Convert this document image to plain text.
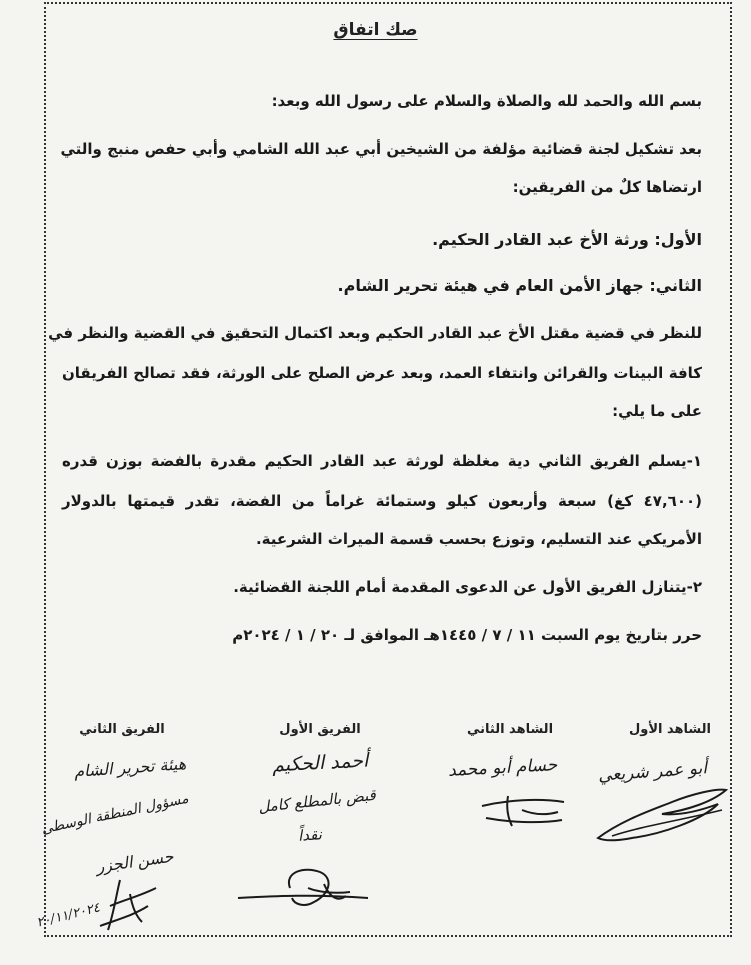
صك اتفاق
بسم الله والحمد لله والصلاة والسلام على رسول الله وبعد:
بعد تشكيل لجنة قضائية مؤلفة من الشيخين أبي عبد الله الشامي وأبي حفص منبج والتي
ارتضاها كلٌ من الفريقين:
الأول: ورثة الأخ عبد القادر الحكيم.
الثاني: جهاز الأمن العام في هيئة تحرير الشام.
للنظر في قضية مقتل الأخ عبد القادر الحكيم وبعد اكتمال التحقيق في القضية والنظر في
كافة البينات والقرائن وانتفاء العمد، وبعد عرض الصلح على الورثة، فقد تصالح الفريقان
على ما يلي:
١-يسلم الفريق الثاني دية مغلظة لورثة عبد القادر الحكيم مقدرة بالفضة بوزن قدره
(٤٧,٦٠٠ كغ) سبعة وأربعون كيلو وستمائة غراماً من الفضة، تقدر قيمتها بالدولار
الأمريكي عند التسليم، وتوزع بحسب قسمة الميراث الشرعية.
٢-يتنازل الفريق الأول عن الدعوى المقدمة أمام اللجنة القضائية.
حرر بتاريخ يوم السبت ١١ / ٧ / ١٤٤٥هـ الموافق لـ ٢٠ / ١ / ٢٠٢٤م
الشاهد الأول
الشاهد الثاني
الفريق الأول
الفريق الثاني
أبو عمر شريعي
حسام أبو محمد
أحمد الحكيم
قبض بالمطلع كامل
نقداً
هيئة تحرير الشام
مسؤول المنطقة الوسطى
حسن الجزر
٢٠/١١/٢٠٢٤
